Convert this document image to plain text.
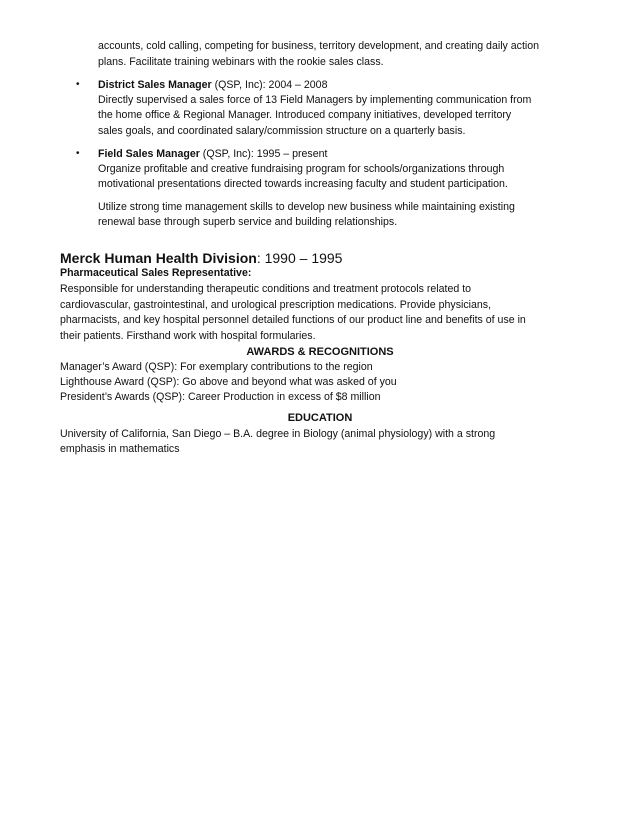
accounts, cold calling, competing for business, territory development, and creating daily action
plans. Facilitate training webinars with the rookie sales class.
• District Sales Manager (QSP, Inc): 2004 – 2008
Directly supervised a sales force of 13 Field Managers by implementing communication from
the home office & Regional Manager. Introduced company initiatives, developed territory
sales goals, and coordinated salary/commission structure on a quarterly basis.
• Field Sales Manager (QSP, Inc): 1995 – present
Organize profitable and creative fundraising program for schools/organizations through
motivational presentations directed towards increasing faculty and student participation.
Utilize strong time management skills to develop new business while maintaining existing
renewal base through superb service and building relationships.
Merck Human Health Division: 1990 – 1995
Pharmaceutical Sales Representative:
Responsible for understanding therapeutic conditions and treatment protocols related to
cardiovascular, gastrointestinal, and urological prescription medications. Provide physicians,
pharmacists, and key hospital personnel detailed functions of our product line and benefits of use in
their patients. Firsthand work with hospital formularies.
AWARDS & RECOGNITIONS
Manager’s Award (QSP): For exemplary contributions to the region
Lighthouse Award (QSP): Go above and beyond what was asked of you
President’s Awards (QSP): Career Production in excess of $8 million
EDUCATION
University of California, San Diego – B.A. degree in Biology (animal physiology) with a strong
emphasis in mathematics
